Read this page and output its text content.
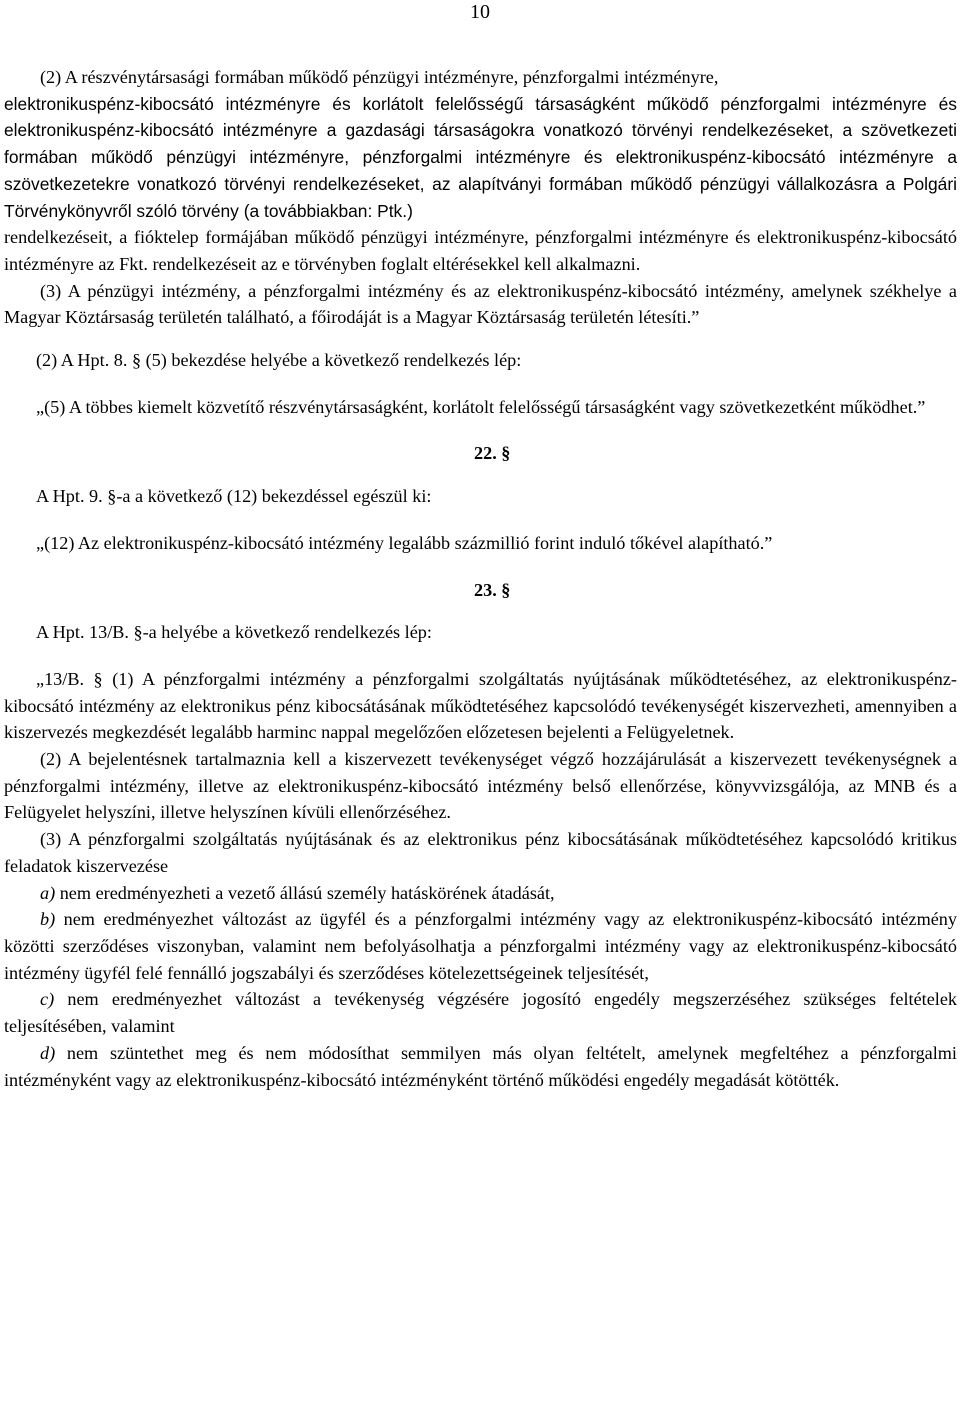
10

(2) A részvénytársasági formában működő pénzügyi intézményre, pénzforgalmi intézményre,

elektronikuspénz-kibocsátó intézményre és korlátolt felelősségű társaságként működő pénzforgalmi intézményre és elektronikuspénz-kibocsátó intézményre a gazdasági társaságokra vonatkozó törvényi rendelkezéseket, a szövetkezeti formában működő pénzügyi intézményre, pénzforgalmi intézményre és elektronikuspénz-kibocsátó intézményre a szövetkezetekre vonatkozó törvényi rendelkezéseket, az alapítványi formában működő pénzügyi vállalkozásra a Polgári Törvénykönyvről szóló törvény (a továbbiakban: Ptk.)

rendelkezéseit, a fióktelep formájában működő pénzügyi intézményre, pénzforgalmi intézményre és elektronikuspénz-kibocsátó intézményre az Fkt. rendelkezéseit az e törvényben foglalt eltérésekkel kell alkalmazni.

(3) A pénzügyi intézmény, a pénzforgalmi intézmény és az elektronikuspénz-kibocsátó intézmény, amelynek székhelye a Magyar Köztársaság területén található, a főirodáját is a Magyar Köztársaság területén létesíti.”

(2) A Hpt. 8. § (5) bekezdése helyébe a következő rendelkezés lép:

„(5) A többes kiemelt közvetítő részvénytársaságként, korlátolt felelősségű társaságként vagy szövetkezetként működhet.”

22. §

A Hpt. 9. §-a a következő (12) bekezdéssel egészül ki:

„(12) Az elektronikuspénz-kibocsátó intézmény legalább százmillió forint induló tőkével alapítható.”

23. §

A Hpt. 13/B. §-a helyébe a következő rendelkezés lép:

„13/B. § (1) A pénzforgalmi intézmény a pénzforgalmi szolgáltatás nyújtásának működtetéséhez, az elektronikuspénz-kibocsátó intézmény az elektronikus pénz kibocsátásának működtetéséhez kapcsolódó tevékenységét kiszervezheti, amennyiben a kiszervezés megkezdését legalább harminc nappal megelőzően előzetesen bejelenti a Felügyeletnek.

(2) A bejelentésnek tartalmaznia kell a kiszervezett tevékenységet végző hozzájárulását a kiszervezett tevékenységnek a pénzforgalmi intézmény, illetve az elektronikuspénz-kibocsátó intézmény belső ellenőrzése, könyvvizsgálója, az MNB és a Felügyelet helyszíni, illetve helyszínen kívüli ellenőrzéséhez.

(3) A pénzforgalmi szolgáltatás nyújtásának és az elektronikus pénz kibocsátásának működtetéséhez kapcsolódó kritikus feladatok kiszervezése

a) nem eredményezheti a vezető állású személy hatáskörének átadását,

b) nem eredményezhet változást az ügyfél és a pénzforgalmi intézmény vagy az elektronikuspénz-kibocsátó intézmény közötti szerződéses viszonyban, valamint nem befolyásolhatja a pénzforgalmi intézmény vagy az elektronikuspénz-kibocsátó intézmény ügyfél felé fennálló jogszabályi és szerződéses kötelezettségeinek teljesítését,

c) nem eredményezhet változást a tevékenység végzésére jogosító engedély megszerzéséhez szükséges feltételek teljesítésében, valamint

d) nem szüntethet meg és nem módosíthat semmilyen más olyan feltételt, amelynek megfeltéhez a pénzforgalmi intézményként vagy az elektronikuspénz-kibocsátó intézményként történő működési engedély megadását kötötték.
